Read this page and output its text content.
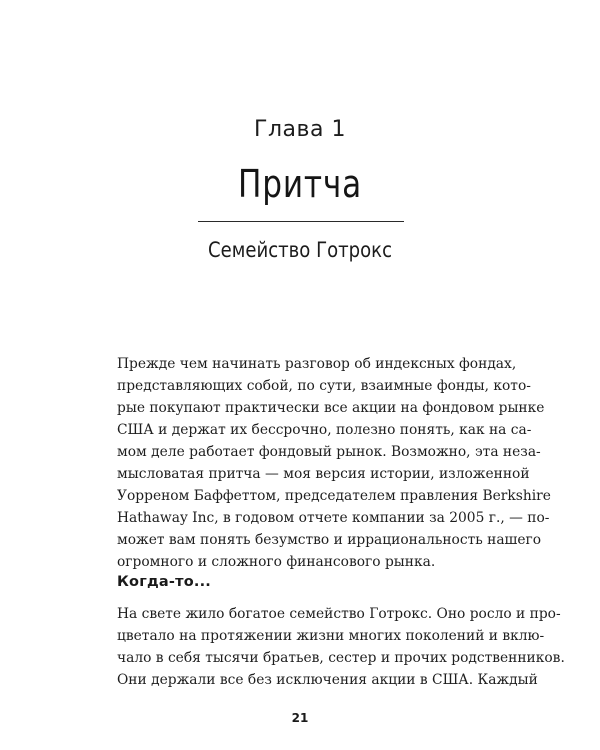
Глава 1
Притча
Семейство Готрокс
Прежде чем начинать разговор об индексных фондах,
представляющих собой, по сути, взаимные фонды, кото-
рые покупают практически все акции на фондовом рынке
США и держат их бессрочно, полезно понять, как на са-
мом деле работает фондовый рынок. Возможно, эта неза-
мысловатая притча — моя версия истории, изложенной
Уорреном Баффеттом, председателем правления Berkshire
Hathaway Inc, в годовом отчете компании за 2005 г., — по-
может вам понять безумство и иррациональность нашего
огромного и сложного финансового рынка.
Когда-то...
На свете жило богатое семейство Готрокс. Оно росло и про-
цветало на протяжении жизни многих поколений и вклю-
чало в себя тысячи братьев, сестер и прочих родственников.
Они держали все без исключения акции в США. Каждый
21
